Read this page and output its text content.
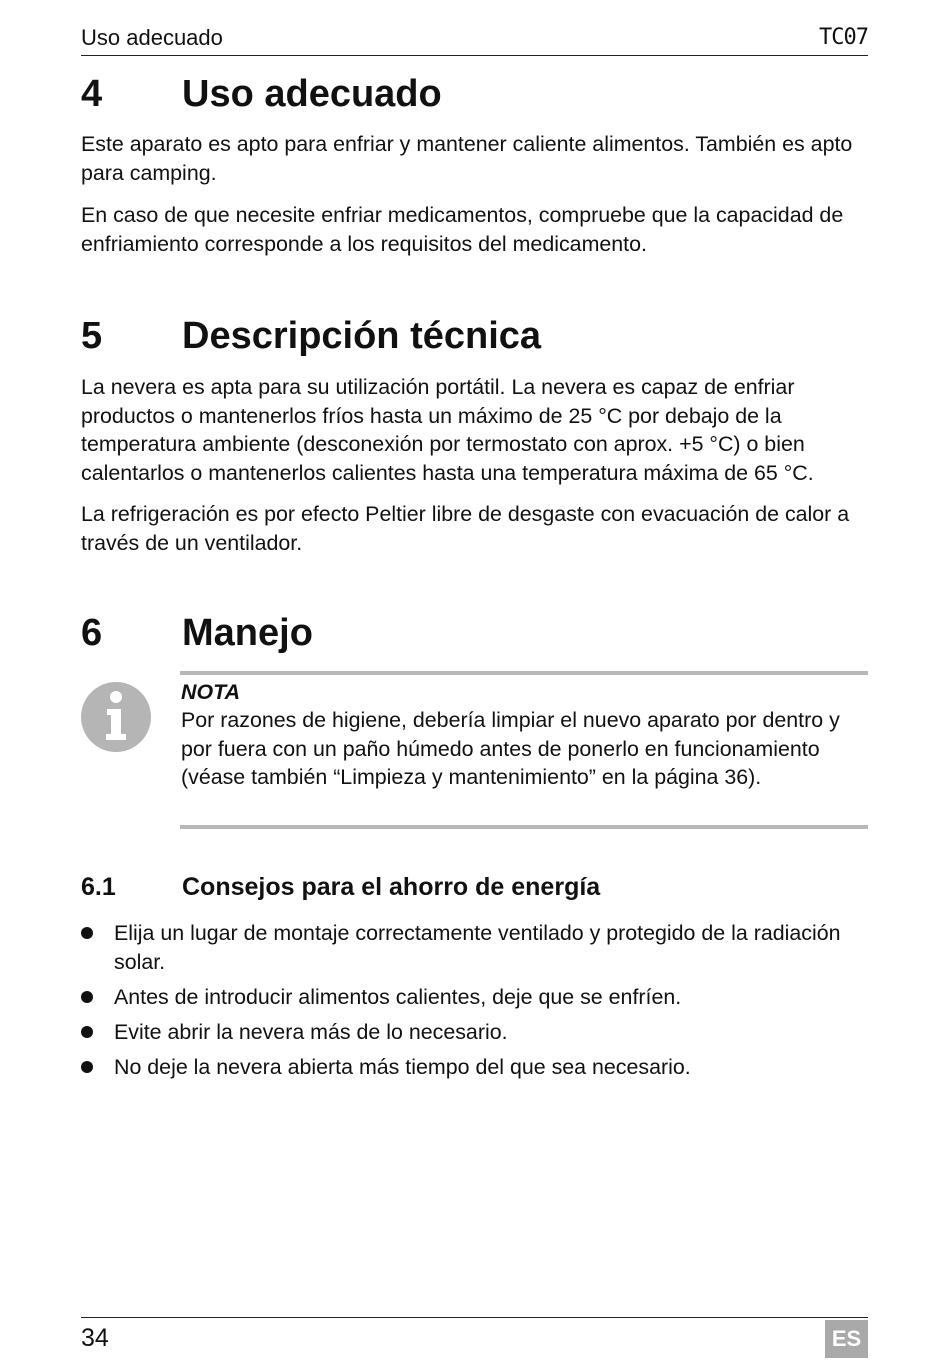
Uso adecuado	TC07
4 Uso adecuado

Este aparato es apto para enfriar y mantener caliente alimentos. También es apto para camping.

En caso de que necesite enfriar medicamentos, compruebe que la capacidad de enfriamiento corresponde a los requisitos del medicamento.

5 Descripción técnica

La nevera es apta para su utilización portátil. La nevera es capaz de enfriar productos o mantenerlos fríos hasta un máximo de 25 °C por debajo de la temperatura ambiente (desconexión por termostato con aprox. +5 °C) o bien calentarlos o mantenerlos calientes hasta una temperatura máxima de 65 °C.

La refrigeración es por efecto Peltier libre de desgaste con evacuación de calor a través de un ventilador.

6 Manejo
NOTA

Por razones de higiene, debería limpiar el nuevo aparato por dentro y por fuera con un paño húmedo antes de ponerlo en funcionamiento (véase también “Limpieza y mantenimiento” en la página 36).

6.1	Consejos para el ahorro de energía

Elija un lugar de montaje correctamente ventilado y protegido de la radiación solar.

Antes de introducir alimentos calientes, deje que se enfríen.

Evite abrir la nevera más de lo necesario.

No deje la nevera abierta más tiempo del que sea necesario.

34	ES
